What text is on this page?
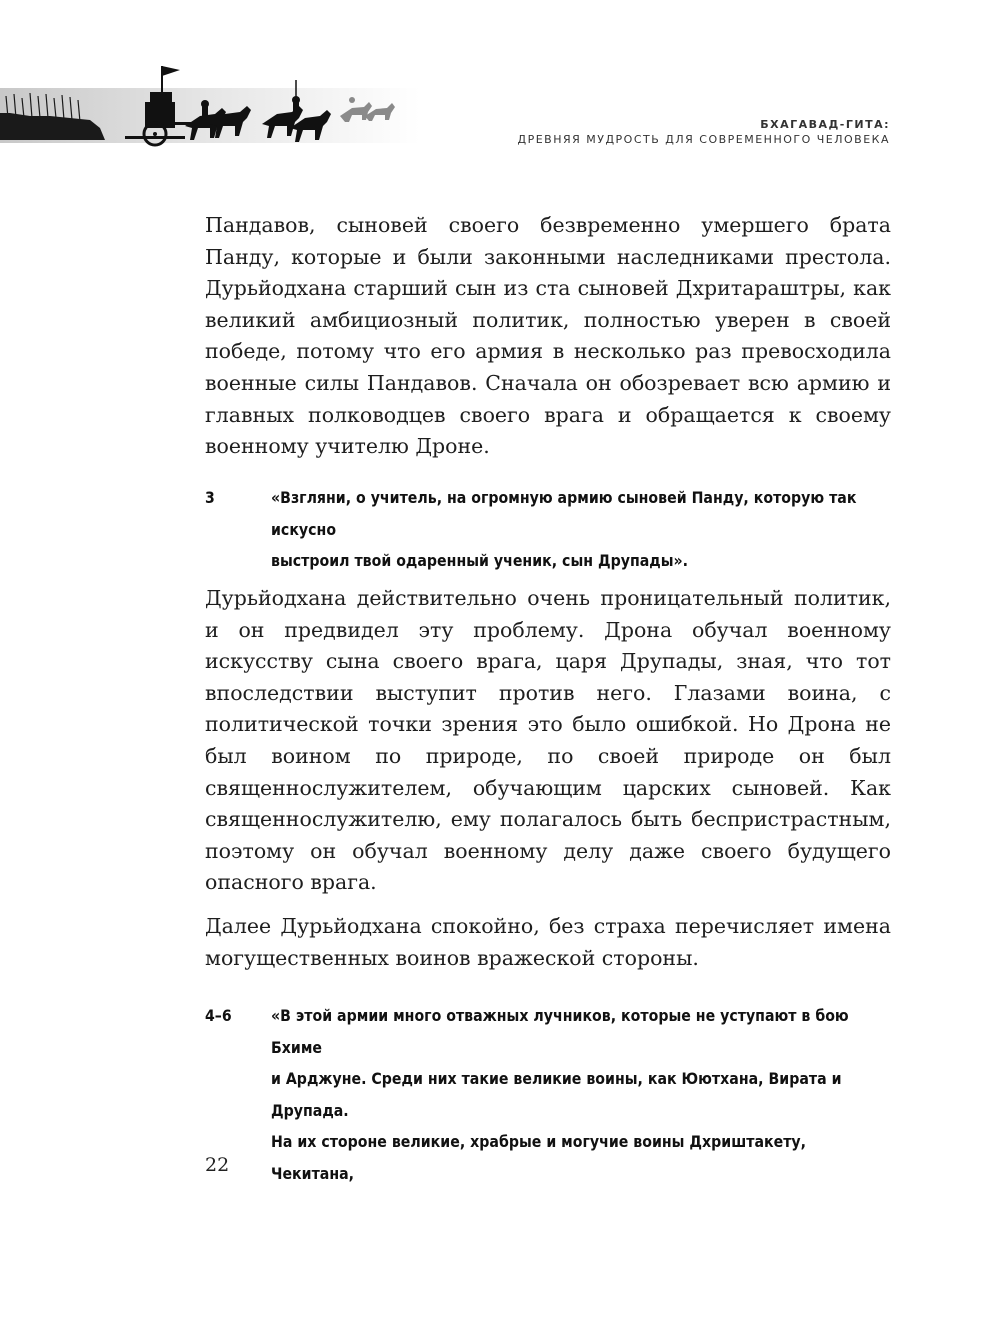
БХАГАВАД-ГИТА:
ДРЕВНЯЯ МУДРОСТЬ ДЛЯ СОВРЕМЕННОГО ЧЕЛОВЕКА

Пандавов, сыновей своего безвременно умершего брата Панду, которые и были законными наследниками престола. Дурьйодхана старший сын из ста сыновей Дхритараштры, как великий амбициозный политик, полностью уверен в своей победе, потому что его армия в несколько раз превосходила военные силы Пандавов. Сначала он обозревает всю армию и главных полководцев своего врага и обращается к своему военному учителю Дроне.

3	«Взгляни, о учитель, на огромную армию сыновей Панду, которую так искусно
выстроил твой одаренный ученик, сын Друпады».

Дурьйодхана действительно очень проницательный политик, и он предвидел эту проблему. Дрона обучал военному искусству сына своего врага, царя Друпады, зная, что тот впоследствии выступит против него. Глазами воина, с политической точки зрения это было ошибкой. Но Дрона не был воином по природе, по своей природе он был священнослужителем, обучающим царских сыновей. Как священнослужителю, ему полагалось быть беспристрастным, поэтому он обучал военному делу даже своего будущего опасного врага.

Далее Дурьйодхана спокойно, без страха перечисляет имена могущественных воинов вражеской стороны.

4–6	«В этой армии много отважных лучников, которые не уступают в бою Бхиме
и Арджуне. Среди них такие великие воины, как Юютхана, Вирата и Друпада.
На их стороне великие, храбрые и могучие воины Дхриштакету, Чекитана,
22
